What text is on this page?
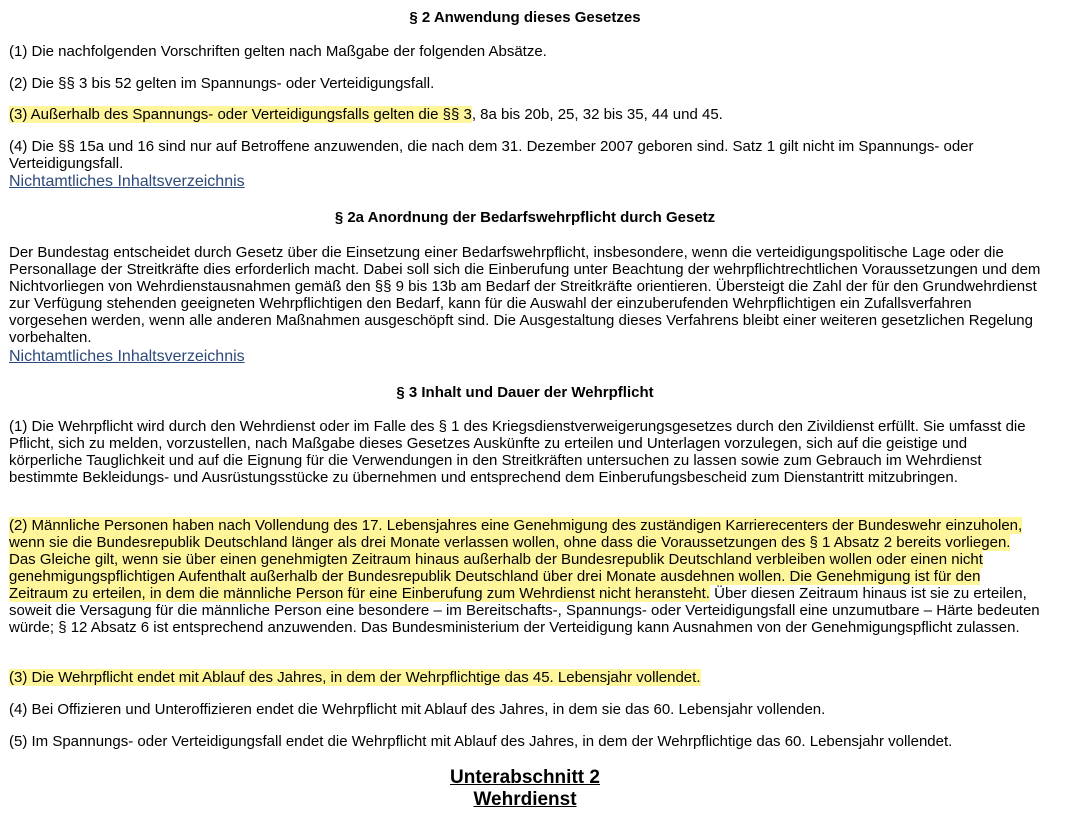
§ 2 Anwendung dieses Gesetzes
(1) Die nachfolgenden Vorschriften gelten nach Maßgabe der folgenden Absätze.
(2) Die §§ 3 bis 52 gelten im Spannungs- oder Verteidigungsfall.
(3) Außerhalb des Spannungs- oder Verteidigungsfalls gelten die §§ 3, 8a bis 20b, 25, 32 bis 35, 44 und 45.
(4) Die §§ 15a und 16 sind nur auf Betroffene anzuwenden, die nach dem 31. Dezember 2007 geboren sind. Satz 1 gilt nicht im Spannungs- oder Verteidigungsfall.
Nichtamtliches Inhaltsverzeichnis
§ 2a Anordnung der Bedarfswehrpflicht durch Gesetz
Der Bundestag entscheidet durch Gesetz über die Einsetzung einer Bedarfswehrpflicht, insbesondere, wenn die verteidigungspolitische Lage oder die Personallage der Streitkräfte dies erforderlich macht. Dabei soll sich die Einberufung unter Beachtung der wehrpflichtrechtlichen Voraussetzungen und dem Nichtvorliegen von Wehrdienstausnahmen gemäß den §§ 9 bis 13b am Bedarf der Streitkräfte orientieren. Übersteigt die Zahl der für den Grundwehrdienst zur Verfügung stehenden geeigneten Wehrpflichtigen den Bedarf, kann für die Auswahl der einzuberufenden Wehrpflichtigen ein Zufallsverfahren vorgesehen werden, wenn alle anderen Maßnahmen ausgeschöpft sind. Die Ausgestaltung dieses Verfahrens bleibt einer weiteren gesetzlichen Regelung vorbehalten.
Nichtamtliches Inhaltsverzeichnis
§ 3 Inhalt und Dauer der Wehrpflicht
(1) Die Wehrpflicht wird durch den Wehrdienst oder im Falle des § 1 des Kriegsdienstverweigerungsgesetzes durch den Zivildienst erfüllt. Sie umfasst die Pflicht, sich zu melden, vorzustellen, nach Maßgabe dieses Gesetzes Auskünfte zu erteilen und Unterlagen vorzulegen, sich auf die geistige und körperliche Tauglichkeit und auf die Eignung für die Verwendungen in den Streitkräften untersuchen zu lassen sowie zum Gebrauch im Wehrdienst bestimmte Bekleidungs- und Ausrüstungsstücke zu übernehmen und entsprechend dem Einberufungsbescheid zum Dienstantritt mitzubringen.
(2) Männliche Personen haben nach Vollendung des 17. Lebensjahres eine Genehmigung des zuständigen Karrierecenters der Bundeswehr einzuholen, wenn sie die Bundesrepublik Deutschland länger als drei Monate verlassen wollen, ohne dass die Voraussetzungen des § 1 Absatz 2 bereits vorliegen. Das Gleiche gilt, wenn sie über einen genehmigten Zeitraum hinaus außerhalb der Bundesrepublik Deutschland verbleiben wollen oder einen nicht genehmigungspflichtigen Aufenthalt außerhalb der Bundesrepublik Deutschland über drei Monate ausdehnen wollen. Die Genehmigung ist für den Zeitraum zu erteilen, in dem die männliche Person für eine Einberufung zum Wehrdienst nicht heransteht. Über diesen Zeitraum hinaus ist sie zu erteilen, soweit die Versagung für die männliche Person eine besondere – im Bereitschafts-, Spannungs- oder Verteidigungsfall eine unzumutbare – Härte bedeuten würde; § 12 Absatz 6 ist entsprechend anzuwenden. Das Bundesministerium der Verteidigung kann Ausnahmen von der Genehmigungspflicht zulassen.
(3) Die Wehrpflicht endet mit Ablauf des Jahres, in dem der Wehrpflichtige das 45. Lebensjahr vollendet.
(4) Bei Offizieren und Unteroffizieren endet die Wehrpflicht mit Ablauf des Jahres, in dem sie das 60. Lebensjahr vollenden.
(5) Im Spannungs- oder Verteidigungsfall endet die Wehrpflicht mit Ablauf des Jahres, in dem der Wehrpflichtige das 60. Lebensjahr vollendet.
Unterabschnitt 2
Wehrdienst
